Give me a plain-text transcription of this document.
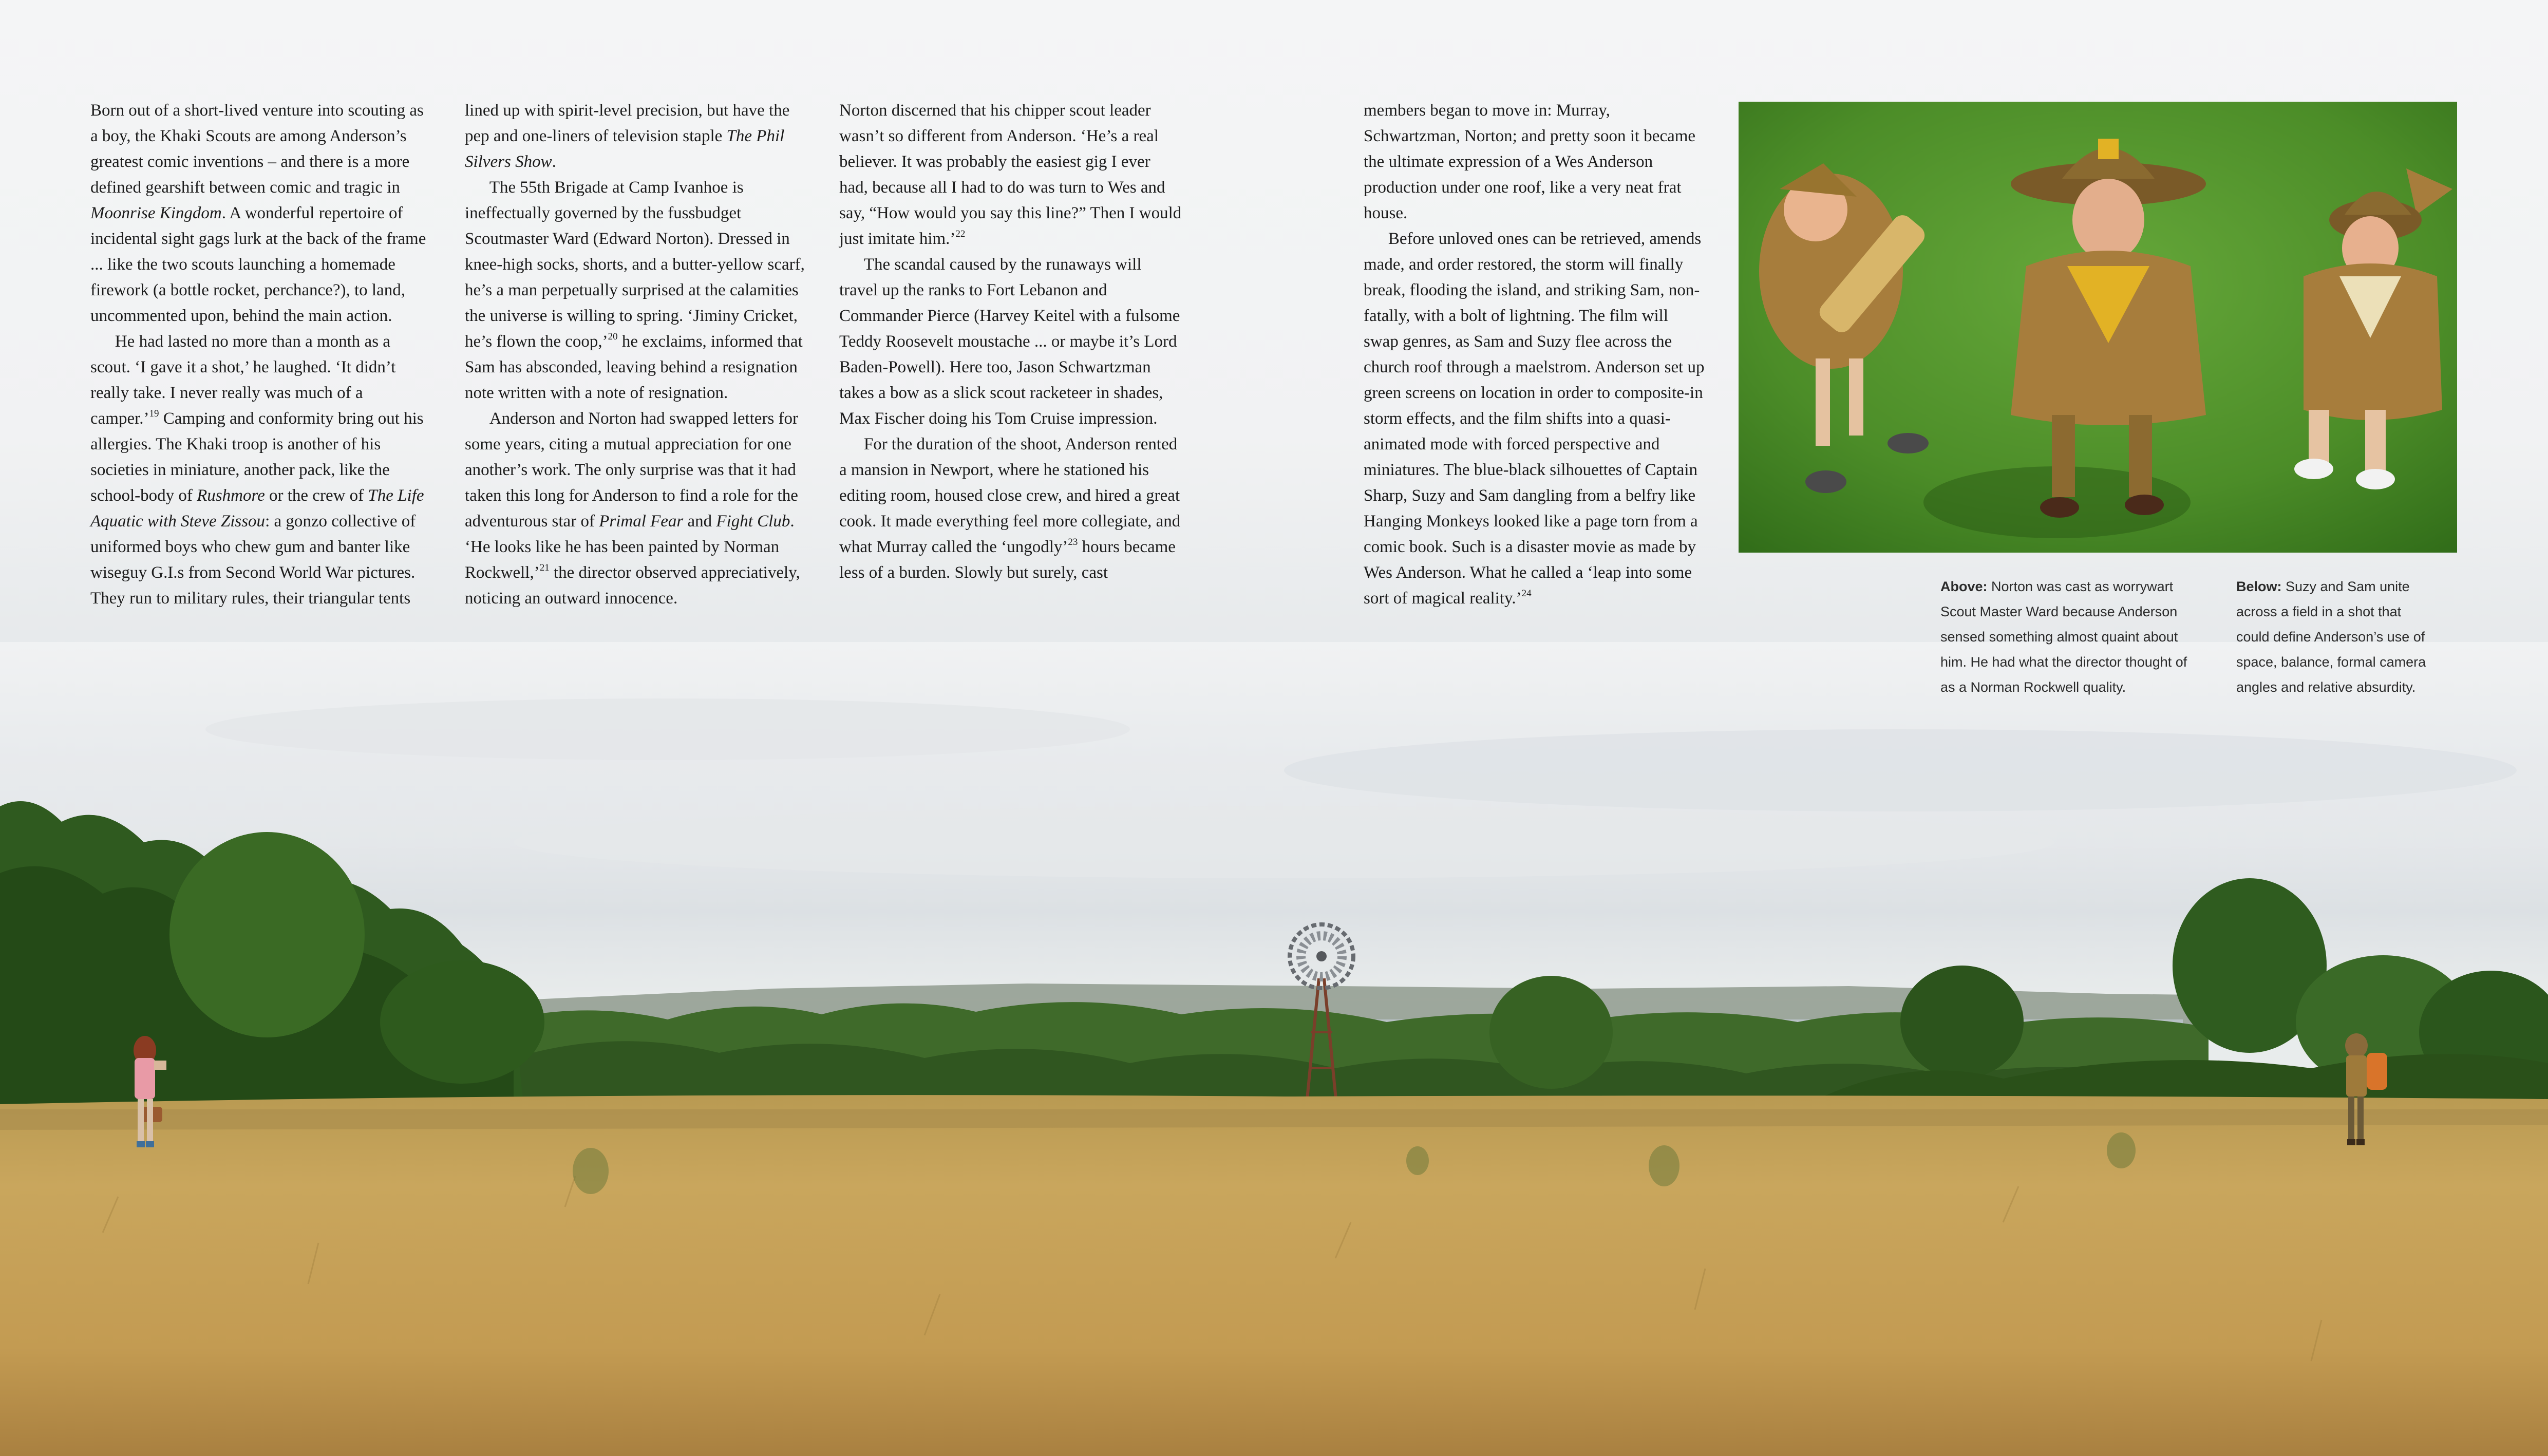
Born out of a short-lived venture into scouting as a boy, the Khaki Scouts are among Anderson’s greatest comic inventions – and there is a more defined gearshift between comic and tragic in Moonrise Kingdom. A wonderful repertoire of incidental sight gags lurk at the back of the frame ... like the two scouts launching a homemade firework (a bottle rocket, perchance?), to land, uncommented upon, behind the main action.

He had lasted no more than a month as a scout. ‘I gave it a shot,’ he laughed. ‘It didn’t really take. I never really was much of a camper.’$^{19}$ Camping and conformity bring out his allergies. The Khaki troop is another of his societies in miniature, another pack, like the school-body of Rushmore or the crew of The Life Aquatic with Steve Zissou: a gonzo collective of uniformed boys who chew gum and banter like wiseguy G.I.s from Second World War pictures. They run to military rules, their triangular tents

lined up with spirit-level precision, but have the pep and one-liners of television staple The Phil Silvers Show.

The 55th Brigade at Camp Ivanhoe is ineffectually governed by the fussbudget Scoutmaster Ward (Edward Norton). Dressed in knee-high socks, shorts, and a butter-yellow scarf, he’s a man perpetually surprised at the calamities the universe is willing to spring. ‘Jiminy Cricket, he’s flown the coop,’$^{20}$ he exclaims, informed that Sam has absconded, leaving behind a resignation note written with a note of resignation.

Anderson and Norton had swapped letters for some years, citing a mutual appreciation for one another’s work. The only surprise was that it had taken this long for Anderson to find a role for the adventurous star of Primal Fear and Fight Club. ‘He looks like he has been painted by Norman Rockwell,’$^{21}$ the director observed appreciatively, noticing an outward innocence.

Norton discerned that his chipper scout leader wasn’t so different from Anderson. ‘He’s a real believer. It was probably the easiest gig I ever had, because all I had to do was turn to Wes and say, “How would you say this line?” Then I would just imitate him.’$^{22}$

The scandal caused by the runaways will travel up the ranks to Fort Lebanon and Commander Pierce (Harvey Keitel with a fulsome Teddy Roosevelt moustache ... or maybe it’s Lord Baden-Powell). Here too, Jason Schwartzman takes a bow as a slick scout racketeer in shades, Max Fischer doing his Tom Cruise impression.

For the duration of the shoot, Anderson rented a mansion in Newport, where he stationed his editing room, housed close crew, and hired a great cook. It made everything feel more collegiate, and what Murray called the ‘ungodly’$^{23}$ hours became less of a burden. Slowly but surely, cast

members began to move in: Murray, Schwartzman, Norton; and pretty soon it became the ultimate expression of a Wes Anderson production under one roof, like a very neat frat house.

Before unloved ones can be retrieved, amends made, and order restored, the storm will finally break, flooding the island, and striking Sam, non-fatally, with a bolt of lightning. The film will swap genres, as Sam and Suzy flee across the church roof through a maelstrom. Anderson set up green screens on location in order to composite-in storm effects, and the film shifts into a quasi-animated mode with forced perspective and miniatures. The blue-black silhouettes of Captain Sharp, Suzy and Sam dangling from a belfry like Hanging Monkeys looked like a page torn from a comic book. Such is a disaster movie as made by Wes Anderson. What he called a ‘leap into some sort of magical reality.’$^{24}$	Above: Norton was cast as worrywart Scout Master Ward because Anderson sensed something almost quaint about him. He had what the director thought of as a Norman Rockwell quality.

Below: Suzy and Sam unite across a field in a shot that could define Anderson’s use of space, balance, formal camera angles and relative absurdity.
